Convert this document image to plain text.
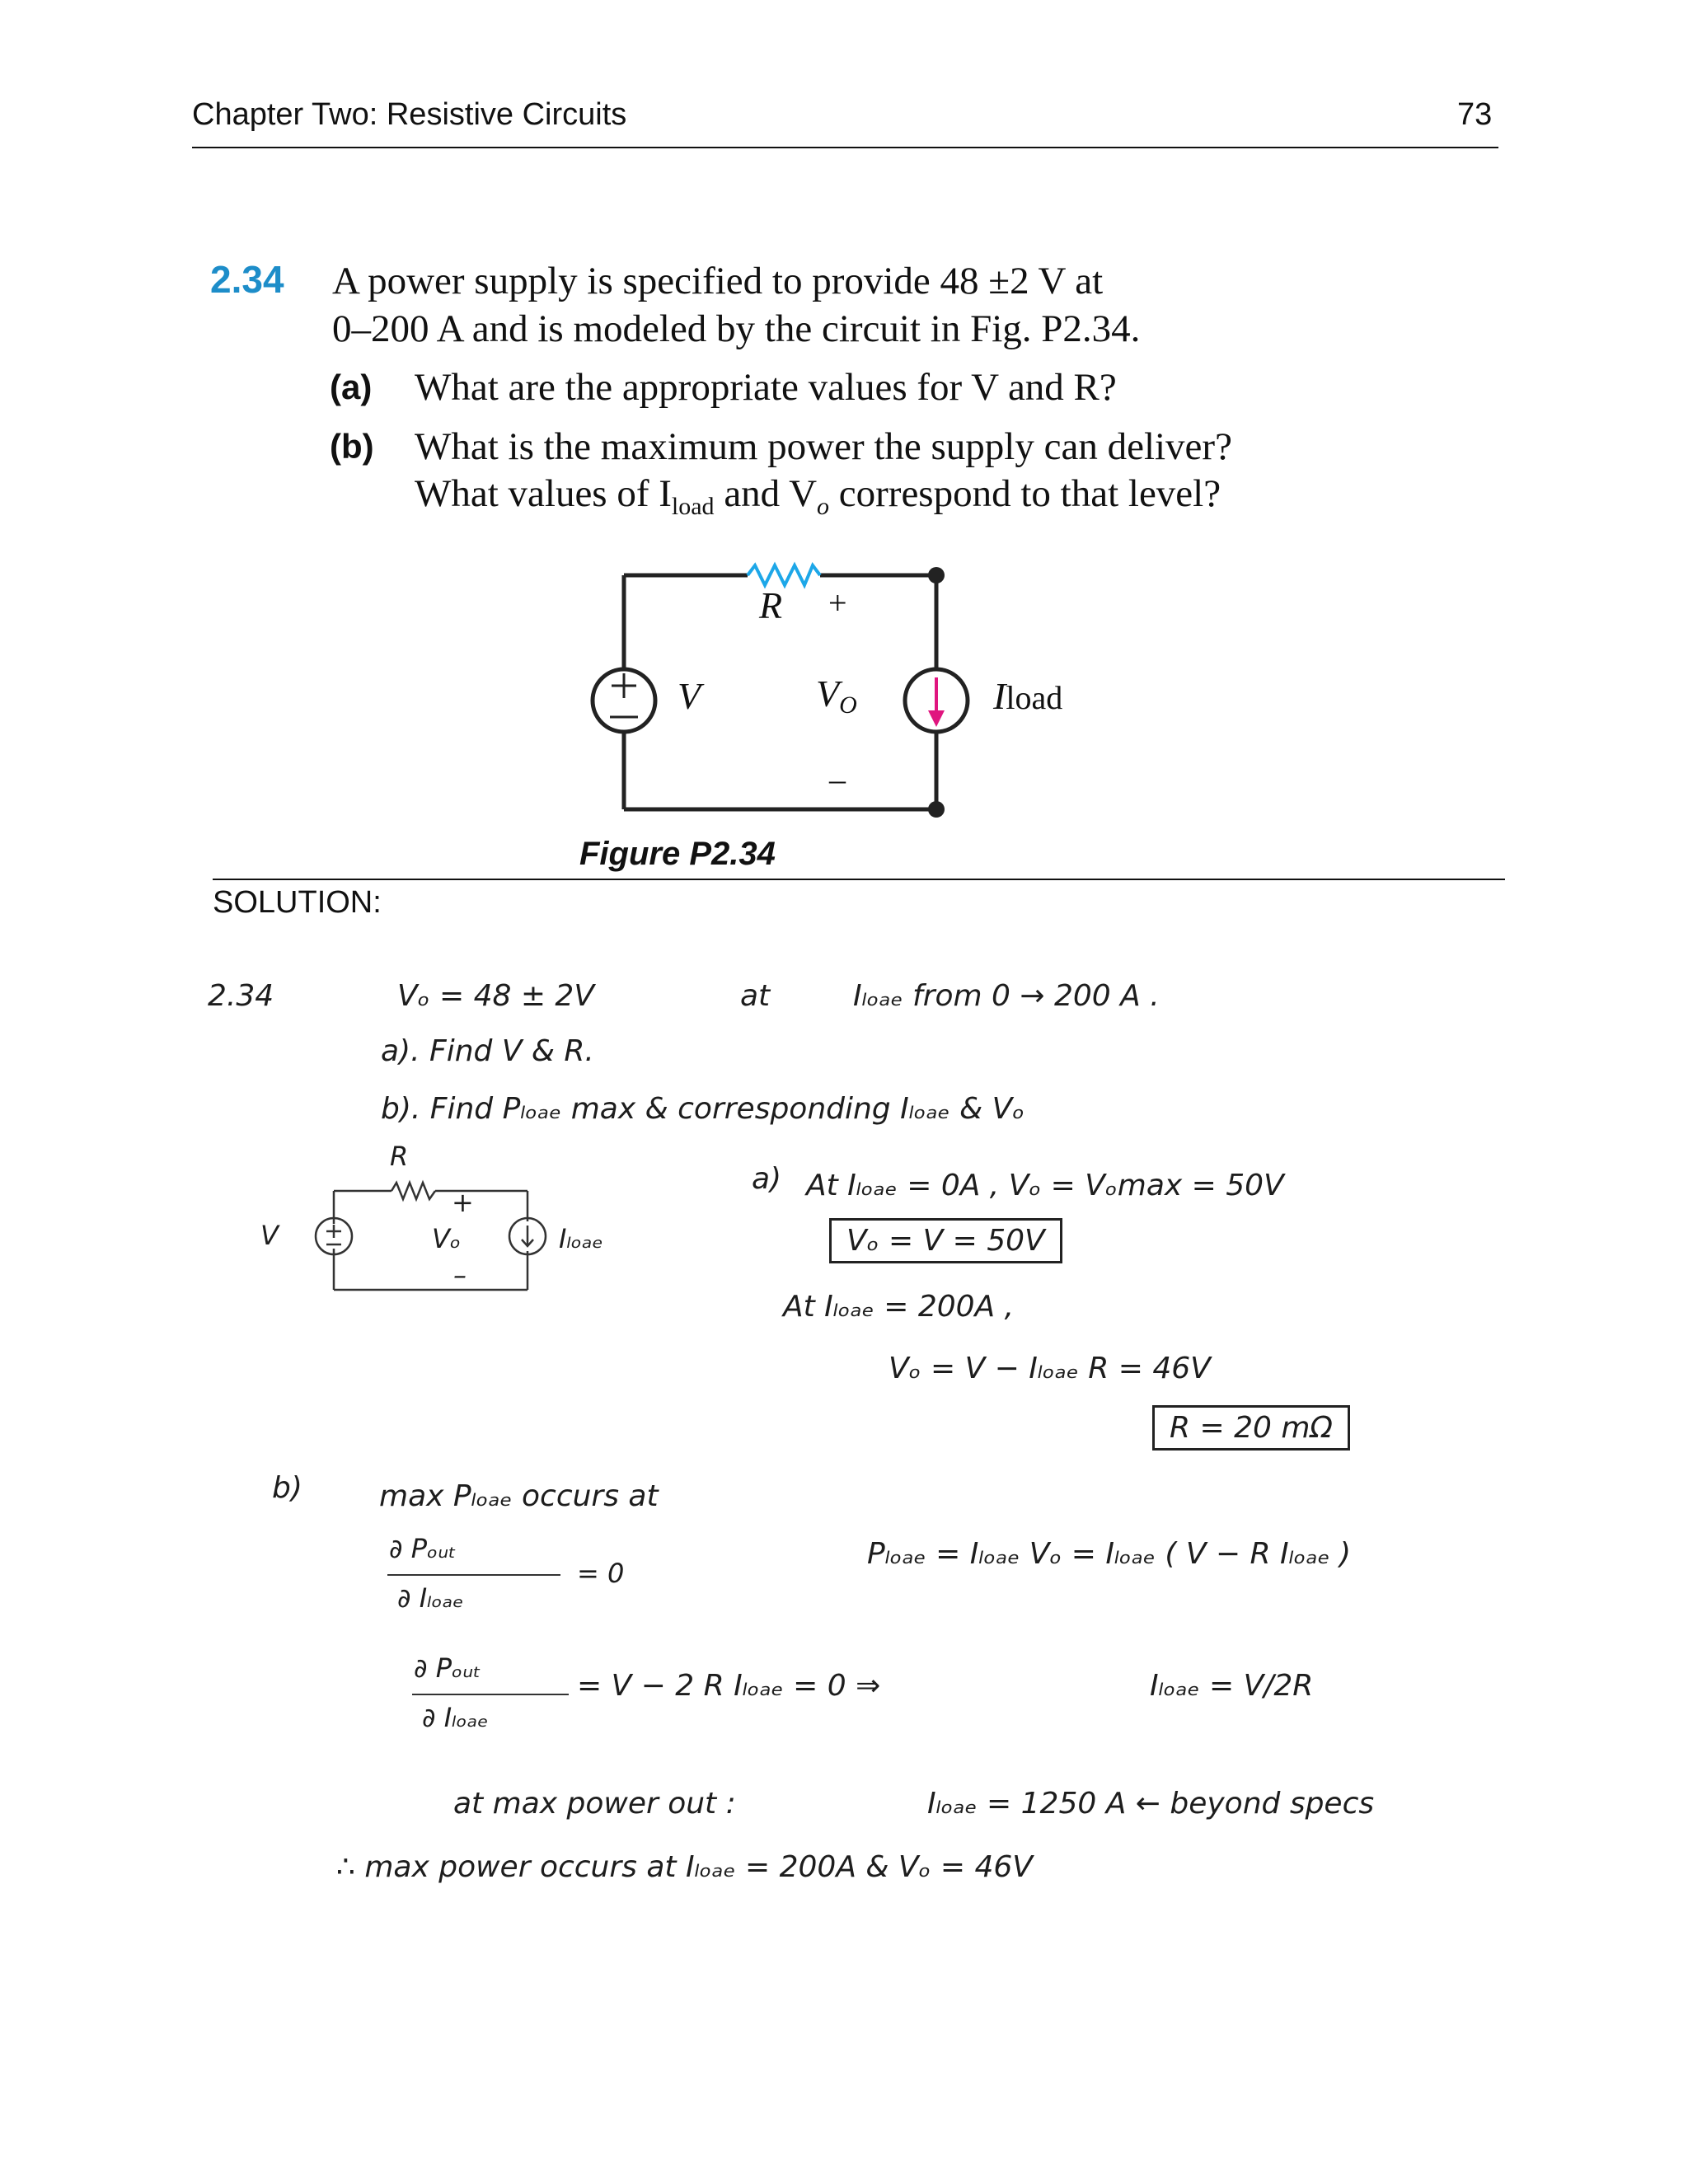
Chapter Two: Resistive Circuits	73
2.34 A power supply is specified to provide 48 ±2 V at
0–200 A and is modeled by the circuit in Fig. P2.34.
(a) What are the appropriate values for V and R?
(b) What is the maximum power the supply can deliver?
What values of $I_{load}$ and $V_o$ correspond to that level?
R +
V	VO
–
Iload
Figure P2.34
SOLUTION:
2.34	Vₒ = 48 ± 2V	at	Iₗₒₐₑ from 0 → 200 A .
a). Find V & R.
b). Find Pₗₒₐₑ max & corresponding Iₗₒₐₑ & Vₒ
R
V
+
Vₒ
–
Iₗₒₐₑ
a) At Iₗₒₐₑ = 0A , Vₒ = Vₒmax = 50V
Vₒ = V = 50V
At Iₗₒₐₑ = 200A ,
Vₒ = V − Iₗₒₐₑ R = 46V
R = 20 mΩ
b)	max Pₗₒₐₑ occurs at
∂ Pₒᵤₜ
∂ Iₗₒₐₑ
= 0
Pₗₒₐₑ = Iₗₒₐₑ Vₒ = Iₗₒₐₑ ( V − R Iₗₒₐₑ )
∂ Pₒᵤₜ
∂ Iₗₒₐₑ
= V − 2 R Iₗₒₐₑ = 0 ⇒	Iₗₒₐₑ = V/2R
at max power out :	Iₗₒₐₑ = 1250 A ← beyond specs
∴ max power occurs at Iₗₒₐₑ = 200A & Vₒ = 46V
